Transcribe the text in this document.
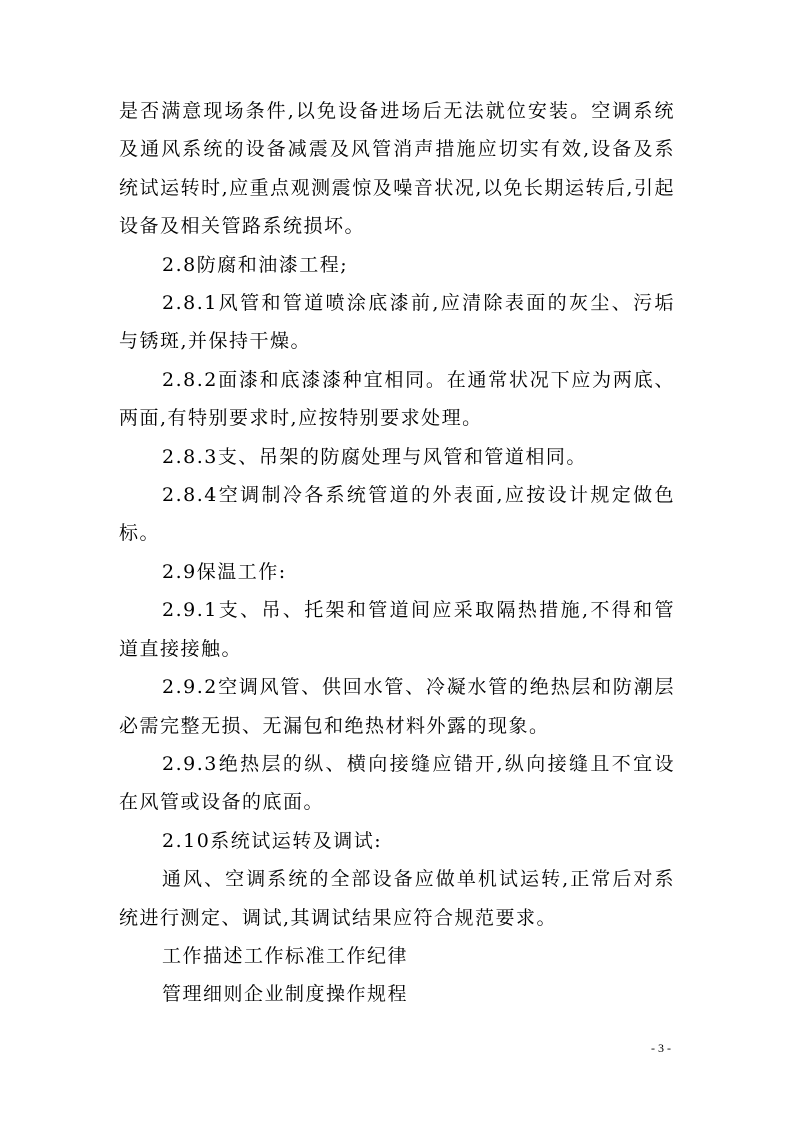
是否满意现场条件,以免设备进场后无法就位安装。空调系统及通风系统的设备减震及风管消声措施应切实有效,设备及系统试运转时,应重点观测震惊及噪音状况,以免长期运转后,引起设备及相关管路系统损坏。

2.8防腐和油漆工程;

2.8.1风管和管道喷涂底漆前,应清除表面的灰尘、污垢与锈斑,并保持干燥。

2.8.2面漆和底漆漆种宜相同。在通常状况下应为两底、两面,有特别要求时,应按特别要求处理。

2.8.3支、吊架的防腐处理与风管和管道相同。

2.8.4空调制冷各系统管道的外表面,应按设计规定做色标。

2.9保温工作:

2.9.1支、吊、托架和管道间应采取隔热措施,不得和管道直接接触。

2.9.2空调风管、供回水管、冷凝水管的绝热层和防潮层必需完整无损、无漏包和绝热材料外露的现象。

2.9.3绝热层的纵、横向接缝应错开,纵向接缝且不宜设在风管或设备的底面。

2.10系统试运转及调试:

通风、空调系统的全部设备应做单机试运转,正常后对系统进行测定、调试,其调试结果应符合规范要求。

工作描述工作标准工作纪律

管理细则企业制度操作规程

- 3 -
